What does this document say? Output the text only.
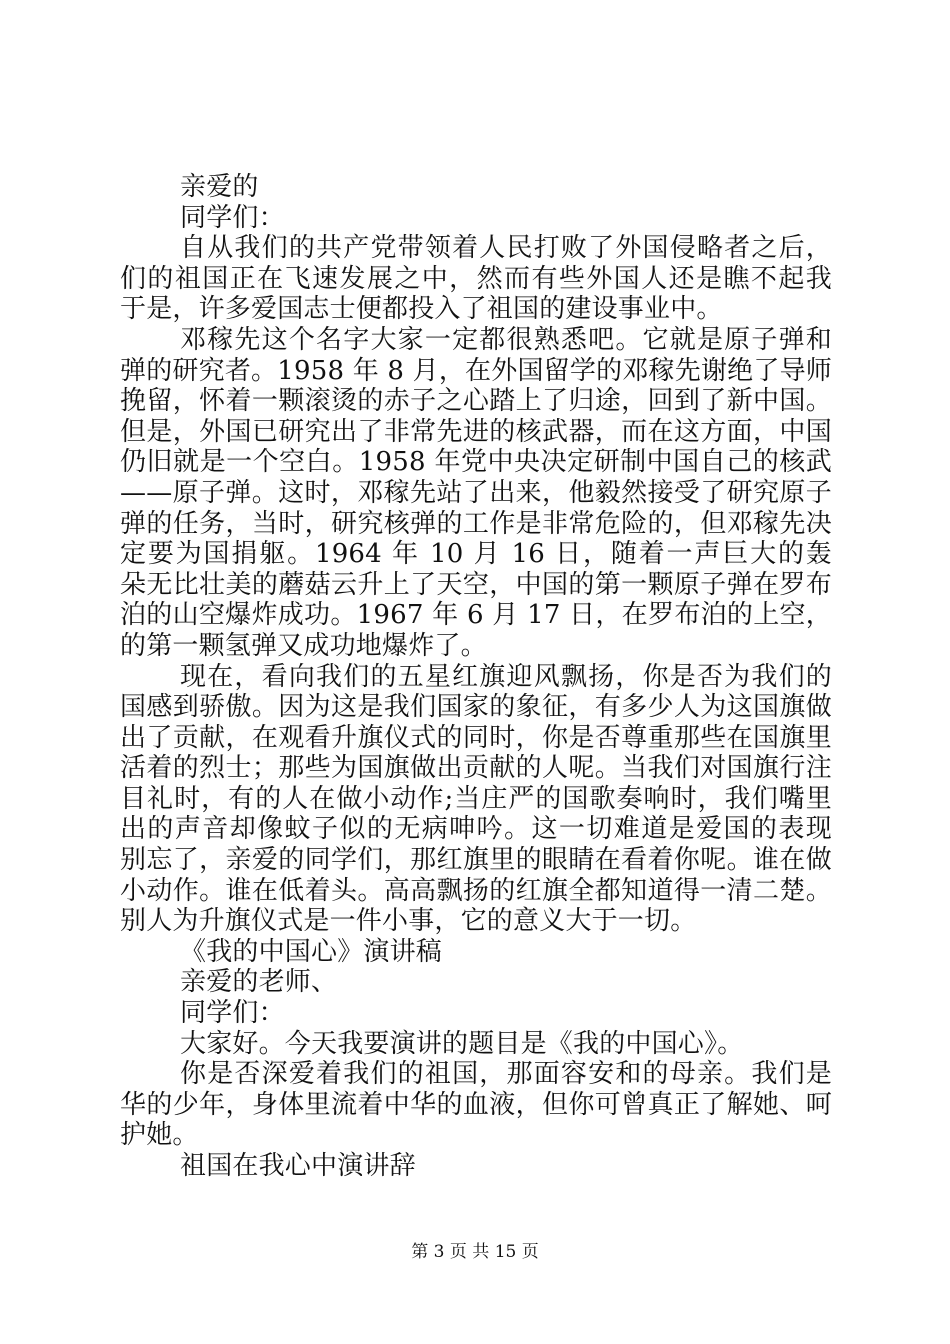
亲爱的
同学们：
自从我们的共产党带领着人民打败了外国侵略者之后，
们的祖国正在飞速发展之中，然而有些外国人还是瞧不起我
于是，许多爱国志士便都投入了祖国的建设事业中。
邓稼先这个名字大家一定都很熟悉吧。它就是原子弹和
弹的研究者。1958 年 8 月，在外国留学的邓稼先谢绝了导师
挽留，怀着一颗滚烫的赤子之心踏上了归途，回到了新中国。
但是，外国已研究出了非常先进的核武器，而在这方面，中国
仍旧就是一个空白。1958 年党中央决定研制中国自己的核武
——原子弹。这时，邓稼先站了出来，他毅然接受了研究原子
弹的任务，当时，研究核弹的工作是非常危险的，但邓稼先决
定要为国捐躯。1964 年 10 月 16 日，随着一声巨大的轰
朵无比壮美的蘑菇云升上了天空，中国的第一颗原子弹在罗布
泊的山空爆炸成功。1967 年 6 月 17 日，在罗布泊的上空，
的第一颗氢弹又成功地爆炸了。
现在，看向我们的五星红旗迎风飘扬，你是否为我们的
国感到骄傲。因为这是我们国家的象征，有多少人为这国旗做
出了贡献，在观看升旗仪式的同时，你是否尊重那些在国旗里
活着的烈士；那些为国旗做出贡献的人呢。当我们对国旗行注
目礼时，有的人在做小动作;当庄严的国歌奏响时，我们嘴里
出的声音却像蚊子似的无病呻吟。这一切难道是爱国的表现
别忘了，亲爱的同学们，那红旗里的眼睛在看着你呢。谁在做
小动作。谁在低着头。高高飘扬的红旗全都知道得一清二楚。
别人为升旗仪式是一件小事，它的意义大于一切。
《我的中国心》演讲稿
亲爱的老师、
同学们：
大家好。今天我要演讲的题目是《我的中国心》。
你是否深爱着我们的祖国，那面容安和的母亲。我们是
华的少年，身体里流着中华的血液，但你可曾真正了解她、呵
护她。
祖国在我心中演讲辞
第 3 页 共 15 页
